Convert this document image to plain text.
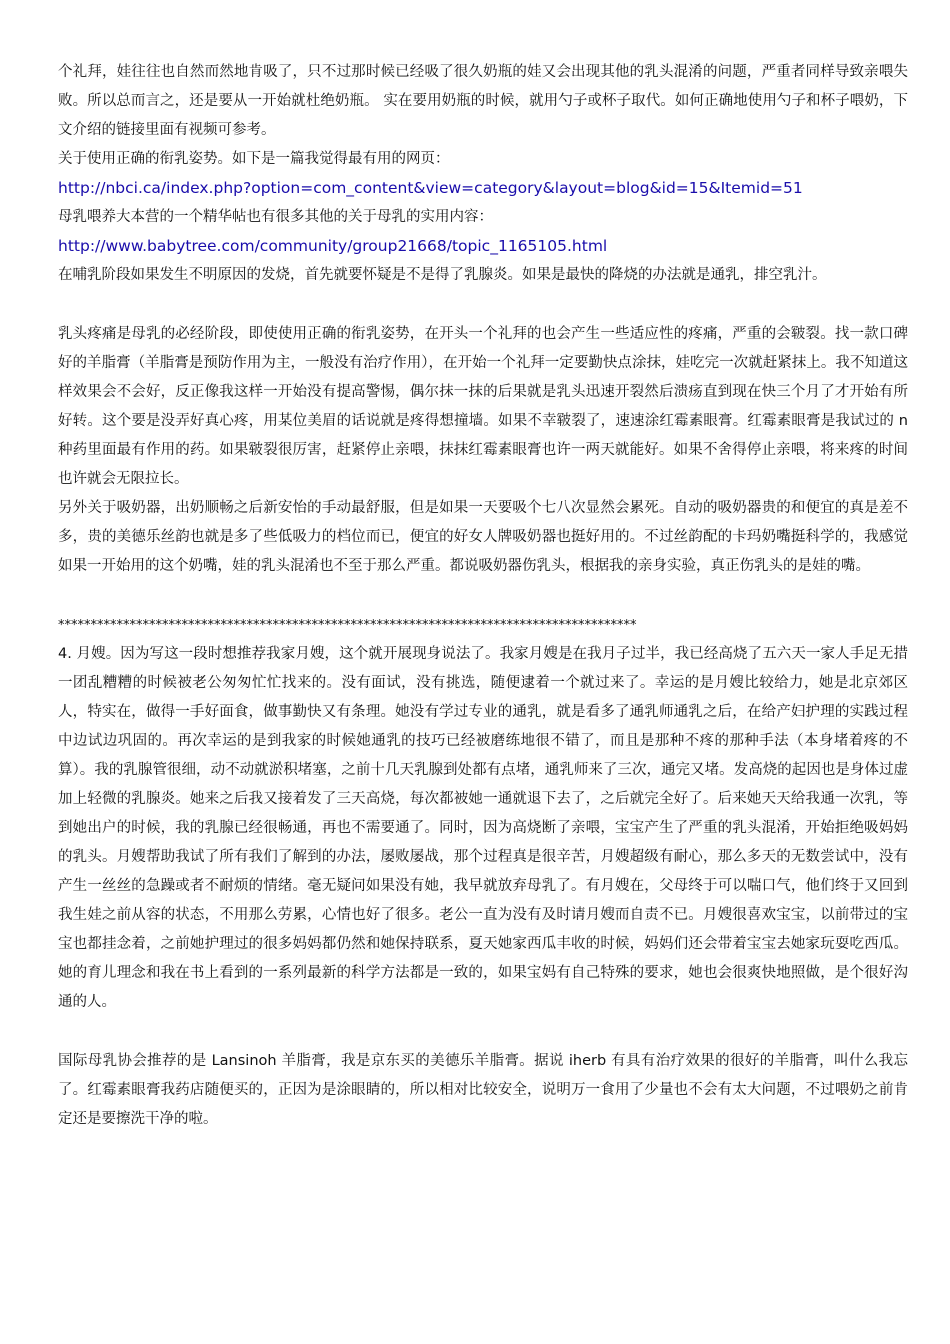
个礼拜，娃往往也自然而然地肯吸了，只不过那时候已经吸了很久奶瓶的娃又会出现其他的乳头混淆的问题，严重者同样导致亲喂失败。所以总而言之，还是要从一开始就杜绝奶瓶。 实在要用奶瓶的时候，就用勺子或杯子取代。如何正确地使用勺子和杯子喂奶，下文介绍的链接里面有视频可参考。

关于使用正确的衔乳姿势。如下是一篇我觉得最有用的网页：

http://nbci.ca/index.php?option=com_content&view=category&layout=blog&id=15&Itemid=51

母乳喂养大本营的一个精华帖也有很多其他的关于母乳的实用内容：

http://www.babytree.com/community/group21668/topic_1165105.html

在哺乳阶段如果发生不明原因的发烧，首先就要怀疑是不是得了乳腺炎。如果是最快的降烧的办法就是通乳，排空乳汁。

乳头疼痛是母乳的必经阶段，即使使用正确的衔乳姿势，在开头一个礼拜的也会产生一些适应性的疼痛，严重的会皲裂。找一款口碑好的羊脂膏（羊脂膏是预防作用为主，一般没有治疗作用），在开始一个礼拜一定要勤快点涂抹，娃吃完一次就赶紧抹上。我不知道这样效果会不会好，反正像我这样一开始没有提高警惕，偶尔抹一抹的后果就是乳头迅速开裂然后溃疡直到现在快三个月了才开始有所好转。这个要是没弄好真心疼，用某位美眉的话说就是疼得想撞墙。如果不幸皲裂了，速速涂红霉素眼膏。红霉素眼膏是我试过的 n 种药里面最有作用的药。如果皲裂很厉害，赶紧停止亲喂，抹抹红霉素眼膏也许一两天就能好。如果不舍得停止亲喂，将来疼的时间也许就会无限拉长。

另外关于吸奶器，出奶顺畅之后新安怡的手动最舒服，但是如果一天要吸个七八次显然会累死。自动的吸奶器贵的和便宜的真是差不多，贵的美德乐丝韵也就是多了些低吸力的档位而已，便宜的好女人牌吸奶器也挺好用的。不过丝韵配的卡玛奶嘴挺科学的，我感觉如果一开始用的这个奶嘴，娃的乳头混淆也不至于那么严重。都说吸奶器伤乳头，根据我的亲身实验，真正伤乳头的是娃的嘴。

*****************************************************************************************

4. 月嫂。因为写这一段时想推荐我家月嫂，这个就开展现身说法了。我家月嫂是在我月子过半，我已经高烧了五六天一家人手足无措一团乱糟糟的时候被老公匆匆忙忙找来的。没有面试，没有挑选，随便逮着一个就过来了。幸运的是月嫂比较给力，她是北京郊区人，特实在，做得一手好面食，做事勤快又有条理。她没有学过专业的通乳，就是看多了通乳师通乳之后，在给产妇护理的实践过程中边试边巩固的。再次幸运的是到我家的时候她通乳的技巧已经被磨练地很不错了，而且是那种不疼的那种手法（本身堵着疼的不算）。我的乳腺管很细，动不动就淤积堵塞，之前十几天乳腺到处都有点堵，通乳师来了三次，通完又堵。发高烧的起因也是身体过虚加上轻微的乳腺炎。她来之后我又接着发了三天高烧，每次都被她一通就退下去了，之后就完全好了。后来她天天给我通一次乳，等到她出户的时候，我的乳腺已经很畅通，再也不需要通了。同时，因为高烧断了亲喂，宝宝产生了严重的乳头混淆，开始拒绝吸妈妈的乳头。月嫂帮助我试了所有我们了解到的办法，屡败屡战，那个过程真是很辛苦，月嫂超级有耐心，那么多天的无数尝试中，没有产生一丝丝的急躁或者不耐烦的情绪。毫无疑问如果没有她，我早就放弃母乳了。有月嫂在，父母终于可以喘口气，他们终于又回到我生娃之前从容的状态，不用那么劳累，心情也好了很多。老公一直为没有及时请月嫂而自责不已。月嫂很喜欢宝宝，以前带过的宝宝也都挂念着，之前她护理过的很多妈妈都仍然和她保持联系，夏天她家西瓜丰收的时候，妈妈们还会带着宝宝去她家玩耍吃西瓜。她的育儿理念和我在书上看到的一系列最新的科学方法都是一致的，如果宝妈有自己特殊的要求，她也会很爽快地照做，是个很好沟通的人。

国际母乳协会推荐的是 Lansinoh 羊脂膏，我是京东买的美德乐羊脂膏。据说 iherb 有具有治疗效果的很好的羊脂膏，叫什么我忘了。红霉素眼膏我药店随便买的，正因为是涂眼睛的，所以相对比较安全，说明万一食用了少量也不会有太大问题，不过喂奶之前肯定还是要擦洗干净的啦。
